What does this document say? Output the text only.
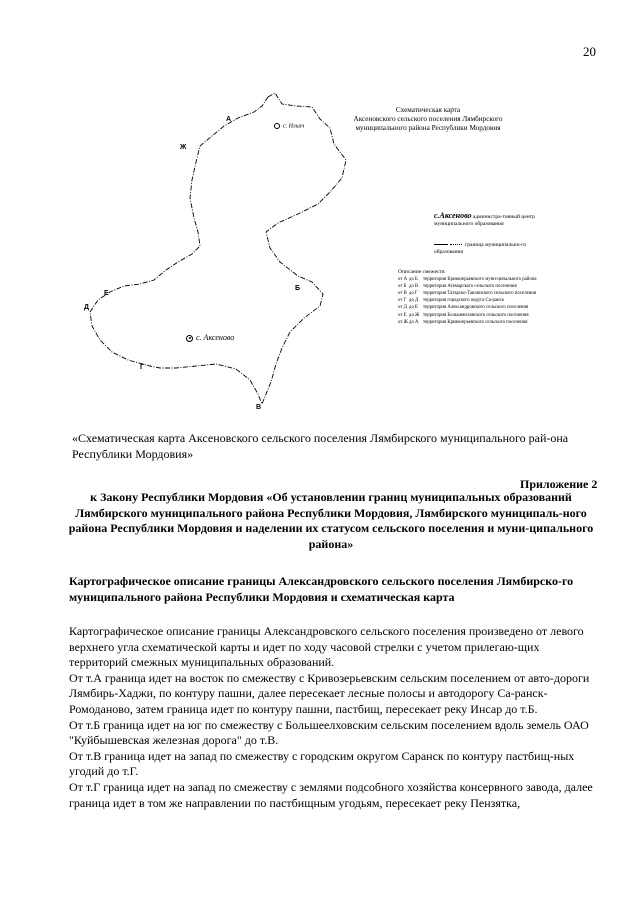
20
А
Б
В
Г
Д
Е
Ж
с. Ильич
с. Аксеново
Схематическая карта
Аксеновского сельского поселения Лямбирского
муниципального района Республики Мордовия
с.Аксеново администра-тивный центр муниципального образования
граница муниципально-го образования
Описание смежеств
от А до Б	территория Кривозерьевского муни-ципального района
от Б до В территория Атемарского сельского поселения
от В до Г	территория Татарско-Тавлинского сельского поселения
от Г до Д территория городского округа Са-ранск
от Д до Е	территория Александровского сельского поселения
от Е до Ж территория Большеелховского сельского поселения
от Ж до А территория Кривозерьевского сельского поселения
«Схематическая карта Аксеновского сельского поселения Лямбирского муниципального рай-она Республики Мордовия»
Приложение 2
к Закону Республики Мордовия «Об установлении границ муниципальных образований Лямбирского муниципального района Республики Мордовия, Лямбирского муниципаль-ного района Республики Мордовия и наделении их статусом сельского поселения и муни-ципального района»
Картографическое описание границы Александровского сельского поселения Лямбирско-го муниципального района Республики Мордовия и схематическая карта

Картографическое описание границы Александровского сельского поселения произведено от левого верхнего угла схематической карты и идет по ходу часовой стрелки с учетом прилегаю-щих территорий смежных муниципальных образований.

От т.А граница идет на восток по смежеству с Кривозерьевским сельским поселением от авто-дороги Лямбирь-Хаджи, по контуру пашни, далее пересекает лесные полосы и автодорогу Са-ранск-Ромоданово, затем граница идет по контуру пашни, пастбищ, пересекает реку Инсар до т.Б.

От т.Б граница идет на юг по смежеству с Большеелховским сельским поселением вдоль земель ОАО "Куйбышевская железная дорога" до т.В.

От т.В граница идет на запад по смежеству с городским округом Саранск по контуру пастбищ-ных угодий до т.Г.

От т.Г граница идет на запад по смежеству с землями подсобного хозяйства консервного завода, далее граница идет в том же направлении по пастбищным угодьям, пересекает реку Пензятка,
